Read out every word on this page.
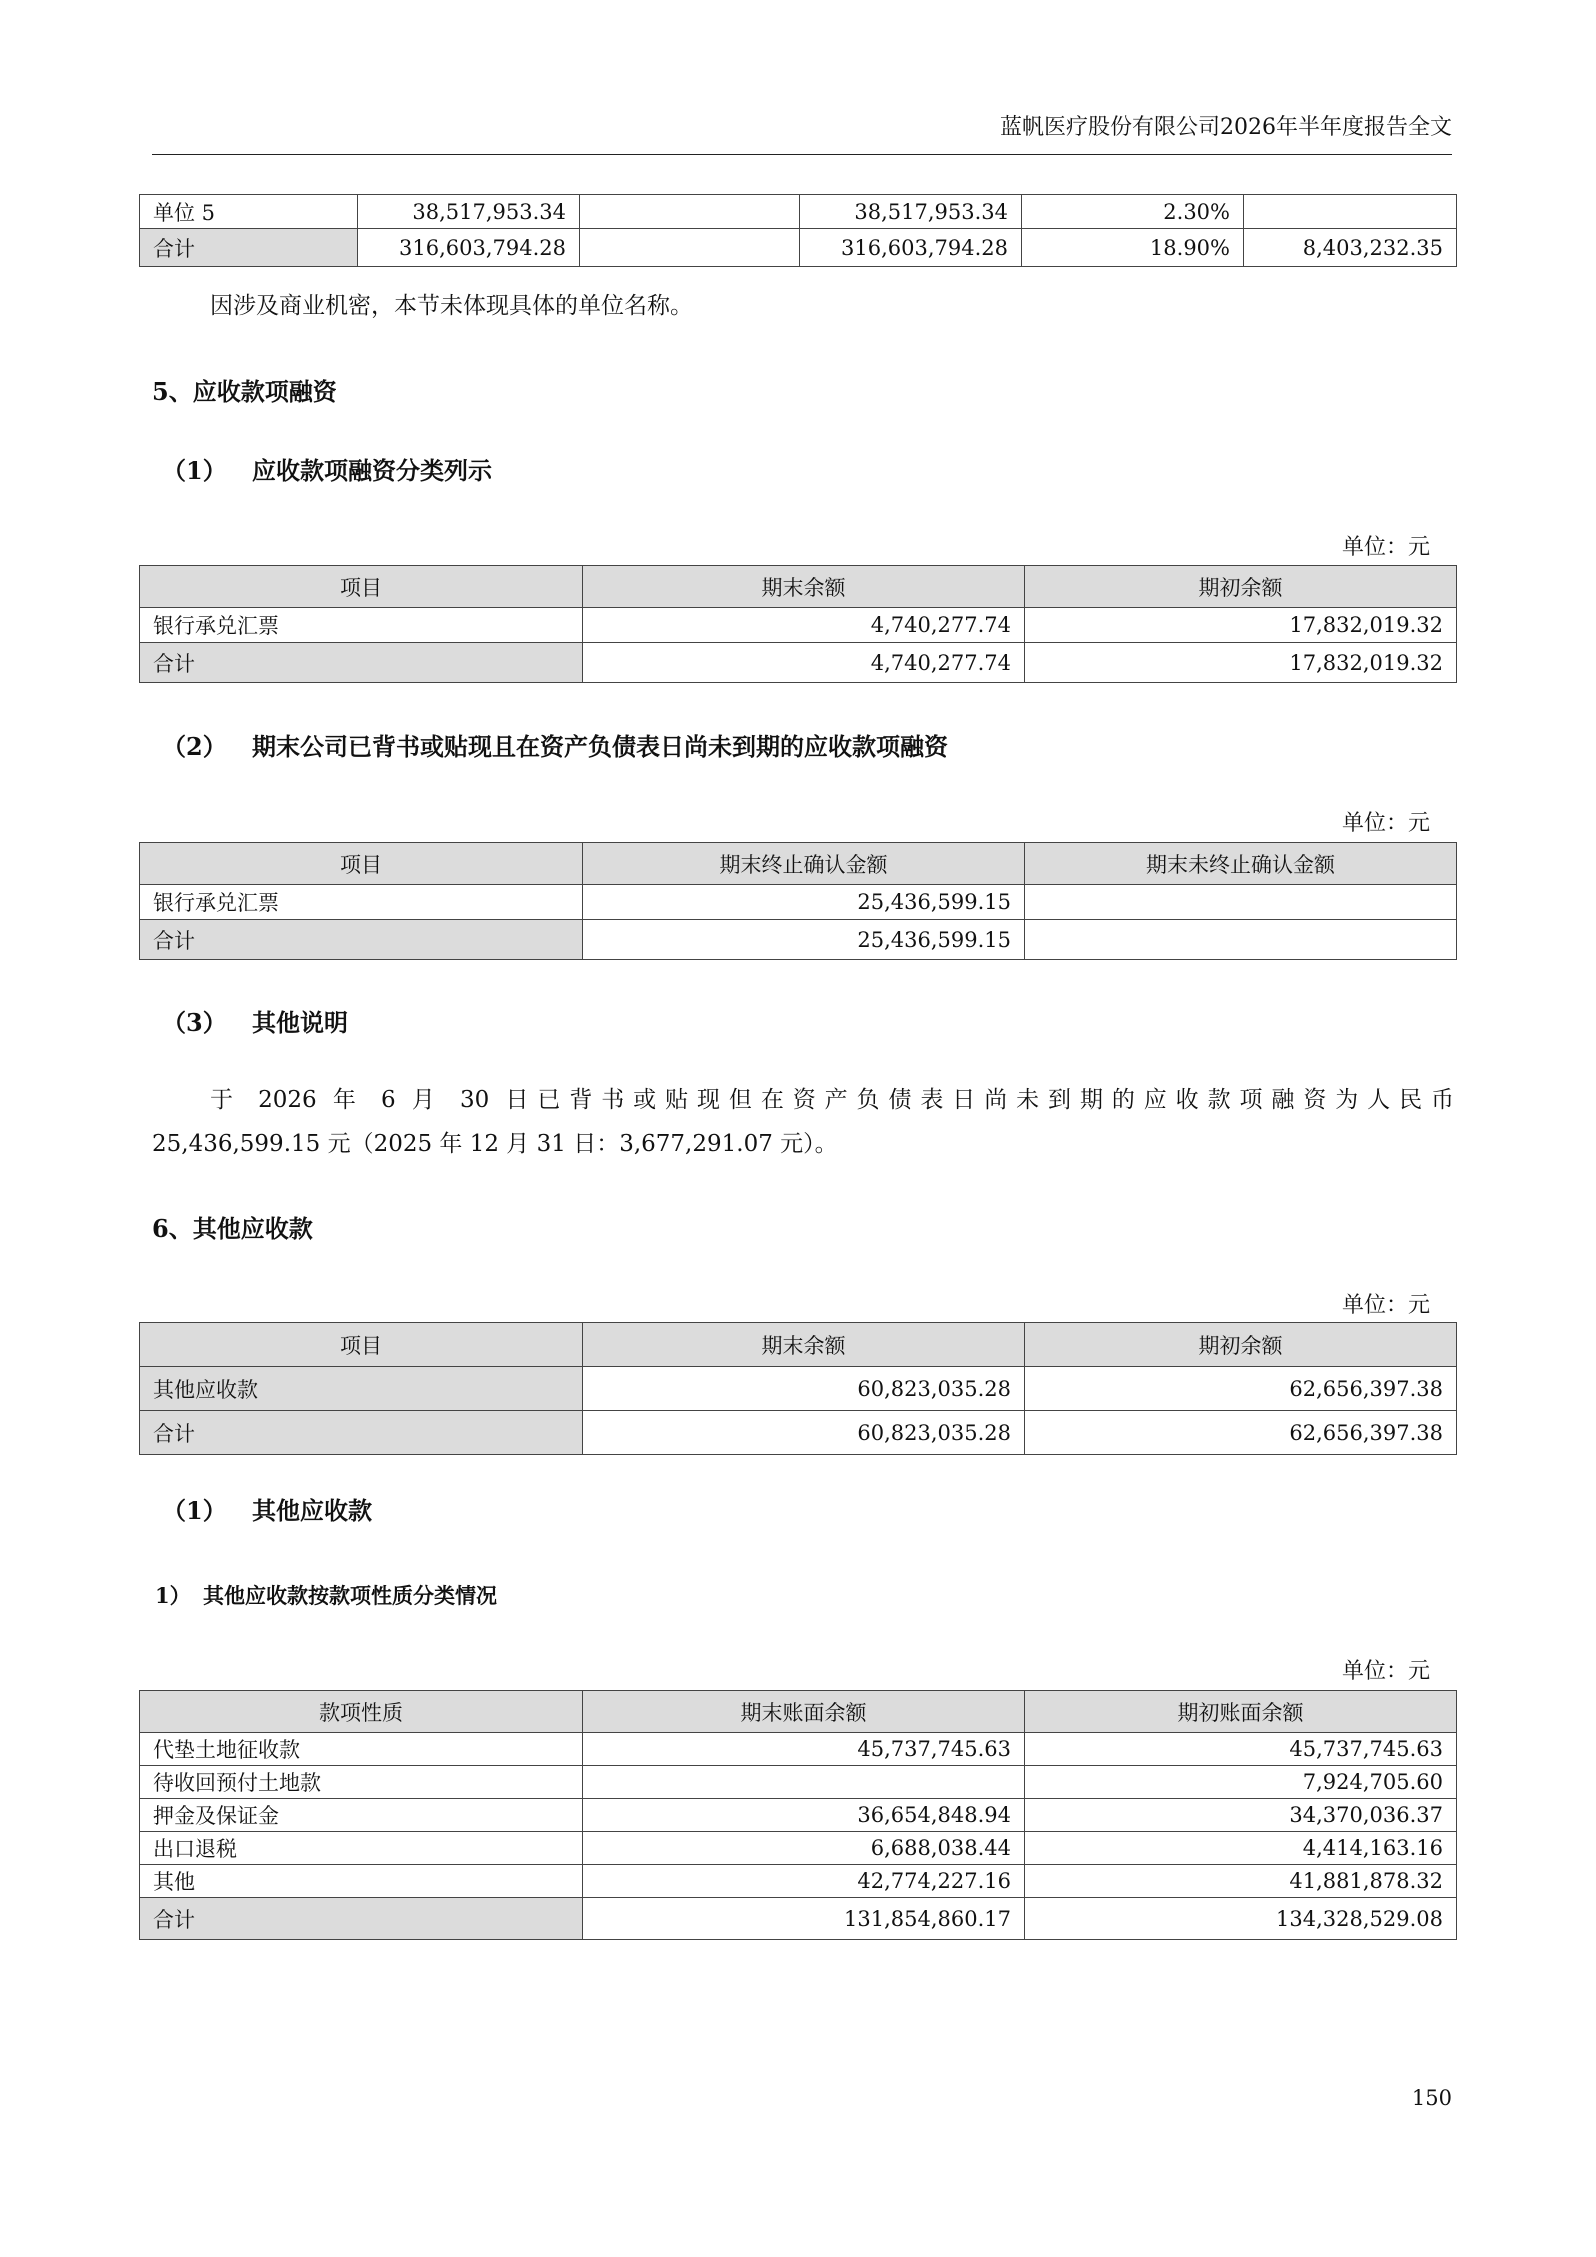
蓝帆医疗股份有限公司2026年半年度报告全文
单位 5	38,517,953.34		38,517,953.34	2.30%	
合计	316,603,794.28		316,603,794.28	18.90%	8,403,232.35
因涉及商业机密，本节未体现具体的单位名称。
5、应收款项融资
（1） 应收款项融资分类列示
单位：元
项目	期末余额	期初余额
银行承兑汇票	4,740,277.74	17,832,019.32
合计	4,740,277.74	17,832,019.32
（2） 期末公司已背书或贴现且在资产负债表日尚未到期的应收款项融资
单位：元
项目	期末终止确认金额	期末未终止确认金额
银行承兑汇票	25,436,599.15	
合计	25,436,599.15	
（3） 其他说明
于 2026 年 6 月 30 日已背书或贴现但在资产负债表日尚未到期的应收款项融资为人民币
25,436,599.15 元（2025 年 12 月 31 日：3,677,291.07 元）。
6、其他应收款
单位：元
项目	期末余额	期初余额
其他应收款	60,823,035.28	62,656,397.38
合计	60,823,035.28	62,656,397.38
（1） 其他应收款
1） 其他应收款按款项性质分类情况
单位：元
款项性质	期末账面余额	期初账面余额
代垫土地征收款	45,737,745.63	45,737,745.63
待收回预付土地款		7,924,705.60
押金及保证金	36,654,848.94	34,370,036.37
出口退税	6,688,038.44	4,414,163.16
其他	42,774,227.16	41,881,878.32
合计	131,854,860.17	134,328,529.08
150
